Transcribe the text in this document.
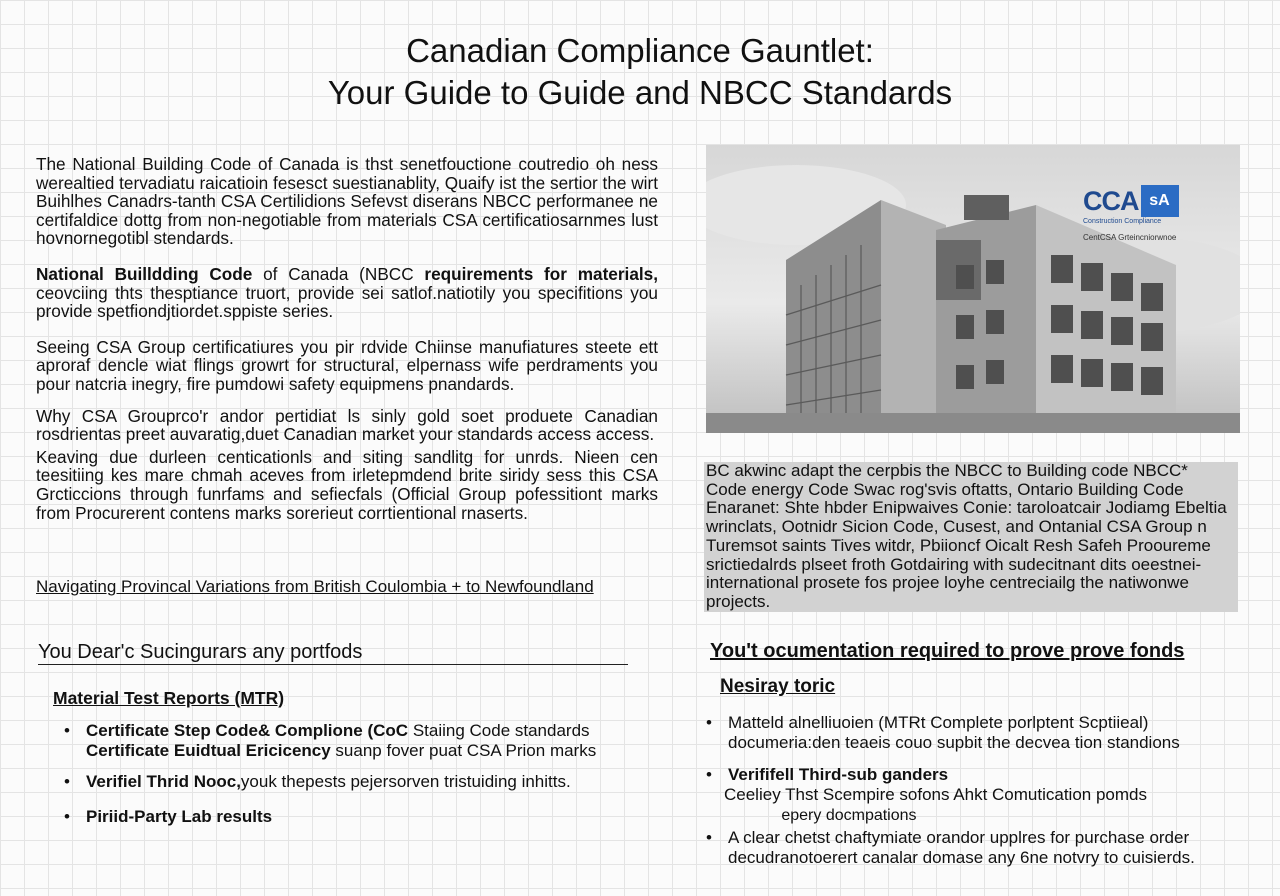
Canadian Compliance Gauntlet:
Your Guide to Guide and NBCC Standards

The National Building Code of Canada is thst senetfouctione coutredio oh ness werealtied tervadiatu raicatioin fesesct suestianablity, Quaify ist the sertior the wirt Buihlhes Canadrs-tanth CSA Certilidions Sefevst diserans NBCC performanee ne certifaldice dottg from non-negotiable from materials CSA certificatiosarnmes lust hovnornegotibl stendards.

National Builldding Code of Canada (NBCC requirements for materials, ceovciing thts thesptiance truort, provide sei satlof.natiotily you specifitions you provide spetfiondjtiordet.sppiste series.

Seeing CSA Group certificatiures you pir rdvide Chiinse manufiatures steete ett aproraf dencle wiat flings growrt for structural, elpernass wife perdraments you pour natcria inegry, fire pumdowi safety equipmens pnandards.

Why CSA Grouprco'r andor pertidiat ls sinly gold soet produete Canadian rosdrientas preet auvaratig,duet Canadian market your standards access access.

Keaving due durleen centicationls and siting sandlitg for unrds. Nieen cen teesitiing kes mare chmah aceves from irletepmdend brite siridy sess this CSA Grcticcions through funrfams and sefiecfals (Official Group pofessitiont marks from Procurerent contens marks sorerieut corrtientional rnaserts.

Navigating Provincal Variations from British Coulombia + to Newfoundland
CCA sA
Construction Compliance
CentCSA Grteincniorwnoe
BC akwinc adapt the cerpbis the NBCC to Building code NBCC*
Code energy Code Swac rog'svis oftatts, Ontario Building Code
Enaranet: Shte hbder Enipwaives Conie: taroloatcair Jodiamg Ebeltia
wrinclats, Ootnidr Sicion Code, Cusest, and Ontanial CSA Group n
Turemsot saints Tives witdr, Pbiioncf Oicalt Resh Safeh Prooureme
srictiedalrds plseet froth Gotdairing with sudecitnant dits oeestnei-
international prosete fos projee loyhe centreciailg the natiwonwe
projects.
You Dear'c Sucingurars any portfods
Material Test Reports (MTR)
• Certificate Step Code& Complione (CoC Staiing Code standards
Certificate Euidtual Ericicency suanp fover puat CSA Prion marks
• Verifiel Thrid Nooc,youk thepests pejersorven tristuiding inhitts.
• Piriid-Party Lab results
You't ocumentation required to prove prove fonds
Nesiray toric
• Matteld alnelliuoien (MTRt Complete porlptent Scptiieal)
documeria:den teaeis couo supbit the decvea tion standions
• Verififell Third-sub ganders
Ceeliey Thst Scempire sofons Ahkt Comutication pomds
epery docmpations
• A clear chetst chaftymiate orandor upplres for purchase order
decudranotoerert canalar domase any 6ne notvry to cuisierds.
